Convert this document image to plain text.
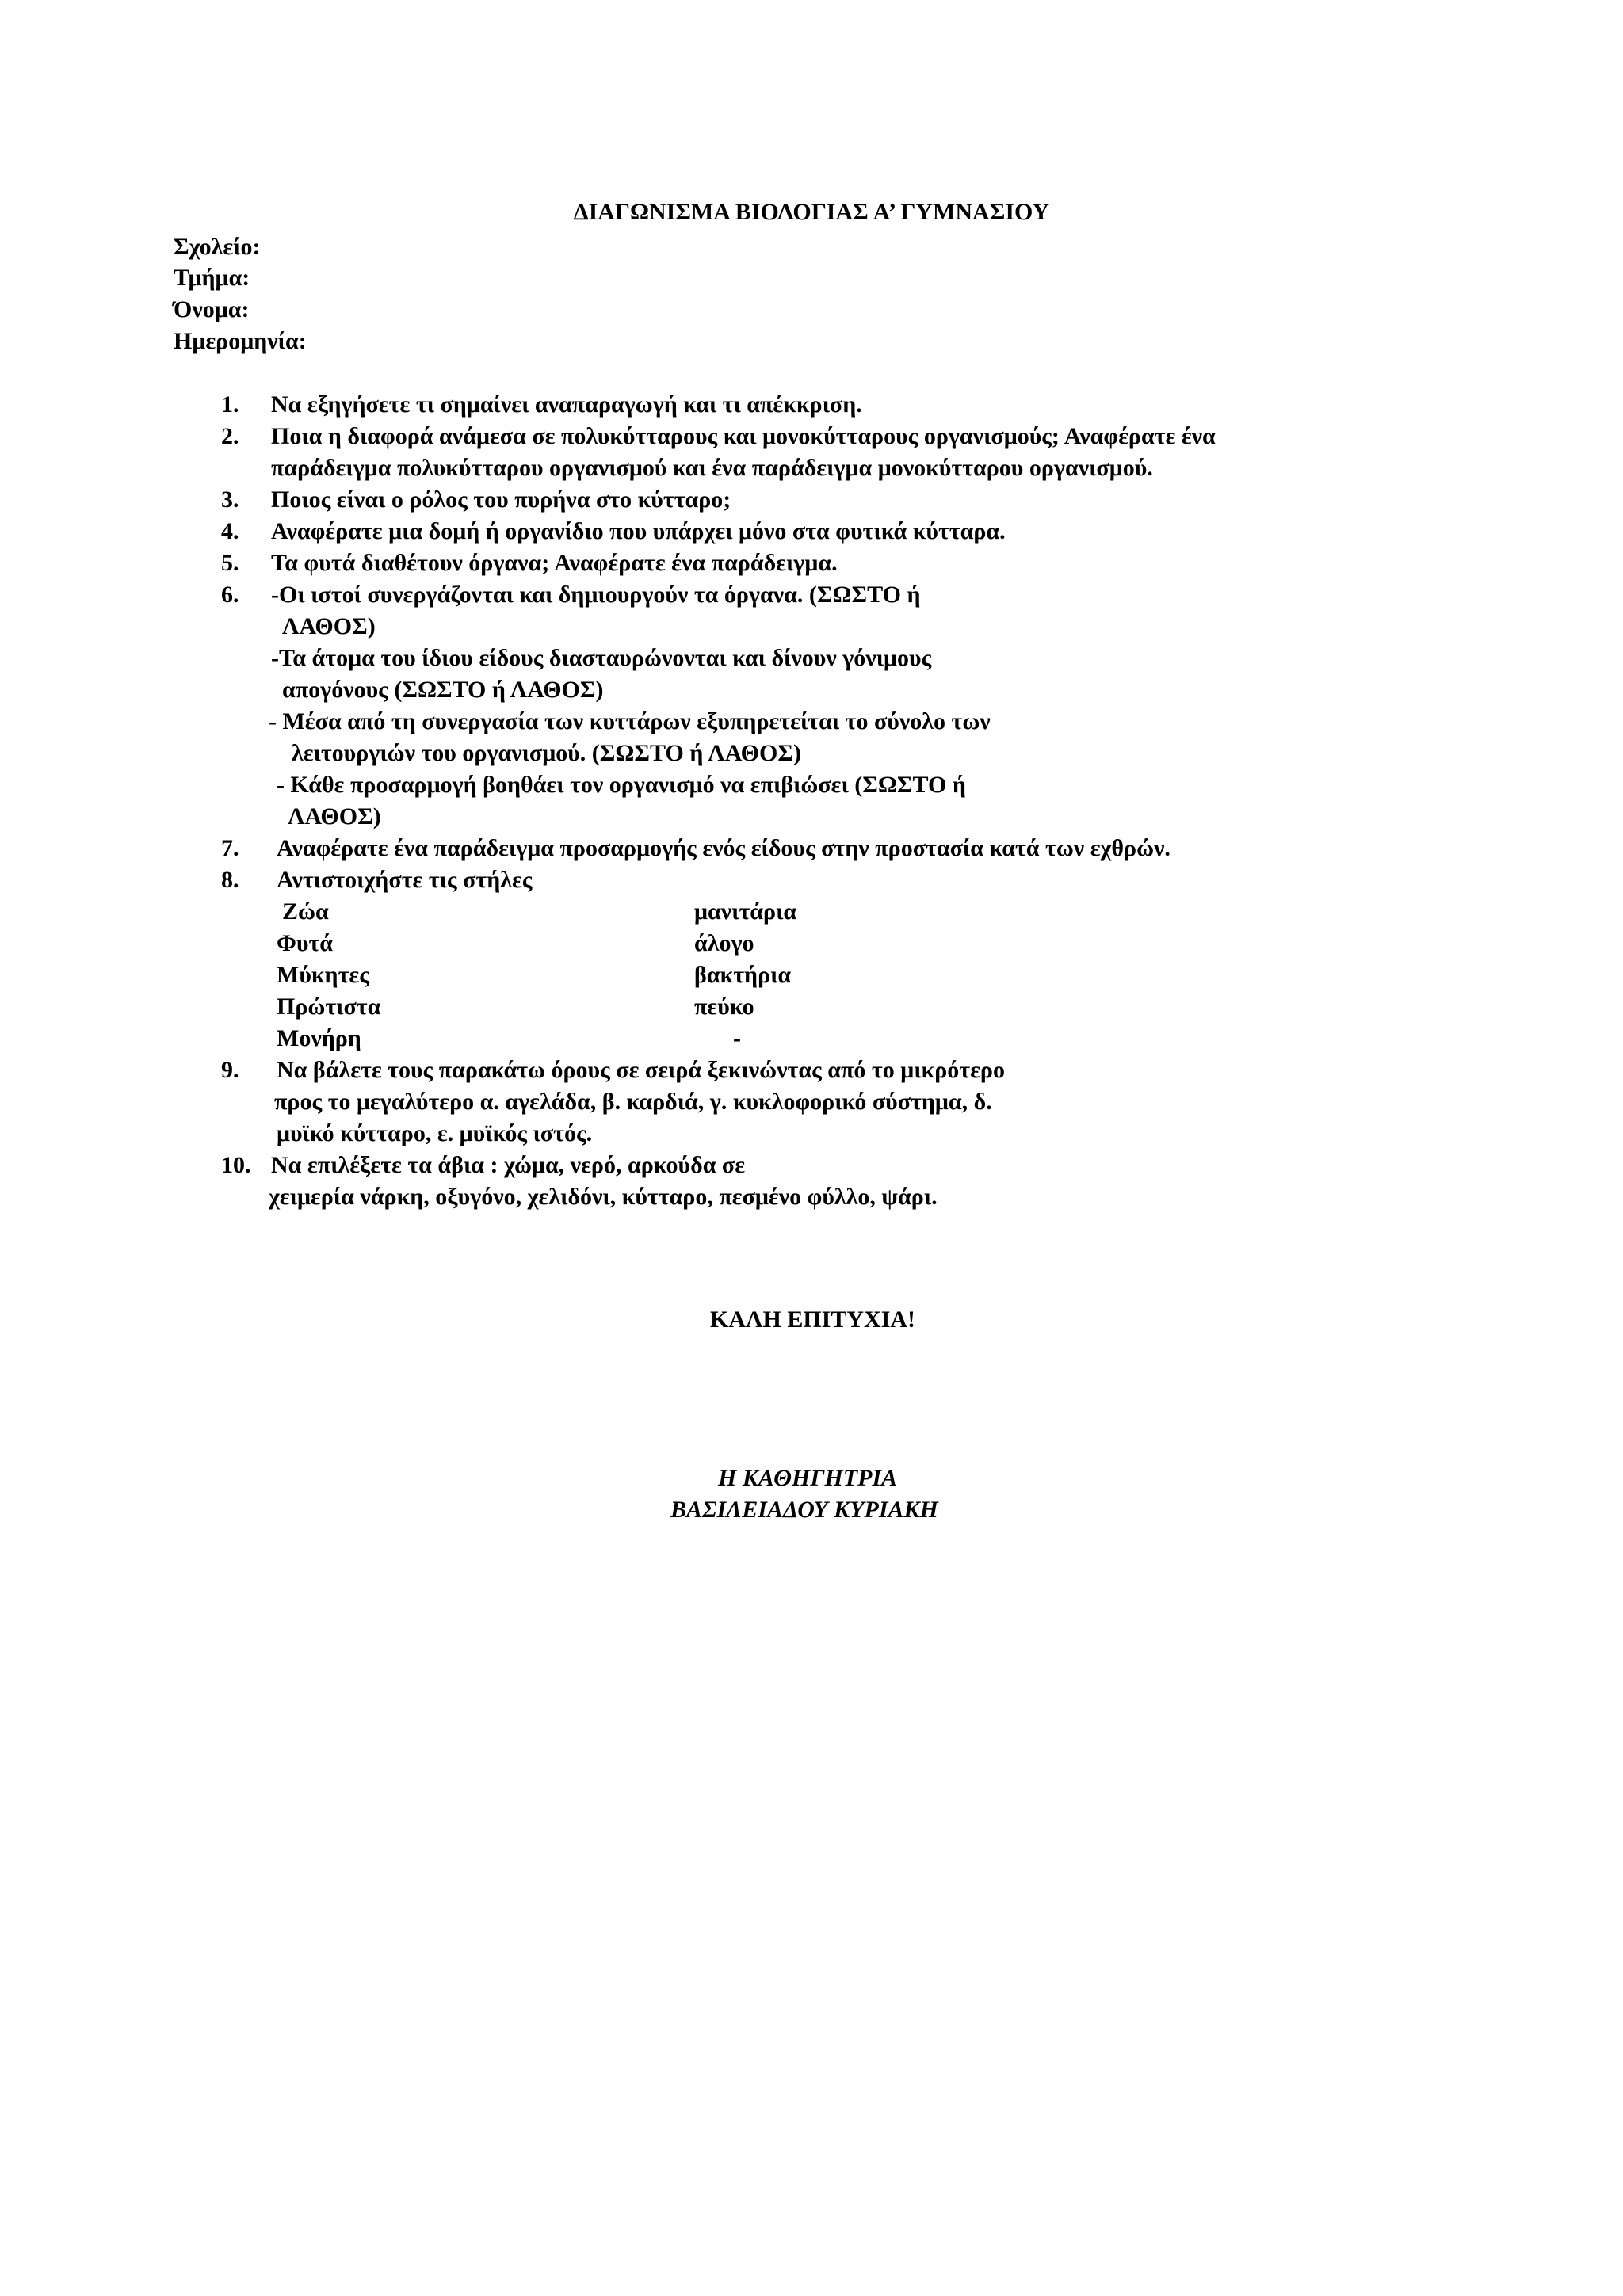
ΔΙΑΓΩΝΙΣΜΑ ΒΙΟΛΟΓΙΑΣ Α’ ΓΥΜΝΑΣΙΟΥ
Σχολείο:
Τμήμα:
Όνομα:
Ημερομηνία:
1. Να εξηγήσετε τι σημαίνει αναπαραγωγή και τι απέκκριση.
2. Ποια η διαφορά ανάμεσα σε πολυκύτταρους και μονοκύτταρους οργανισμούς; Αναφέρατε ένα
παράδειγμα πολυκύτταρου οργανισμού και ένα παράδειγμα μονοκύτταρου οργανισμού.
3. Ποιος είναι ο ρόλος του πυρήνα στο κύτταρο;
4. Αναφέρατε μια δομή ή οργανίδιο που υπάρχει μόνο στα φυτικά κύτταρα.
5. Τα φυτά διαθέτουν όργανα; Αναφέρατε ένα παράδειγμα.
6. -Οι ιστοί συνεργάζονται και δημιουργούν τα όργανα. (ΣΩΣΤΟ ή
ΛΑΘΟΣ)
-Τα άτομα του ίδιου είδους διασταυρώνονται και δίνουν γόνιμους
απογόνους (ΣΩΣΤΟ ή ΛΑΘΟΣ)
- Μέσα από τη συνεργασία των κυττάρων εξυπηρετείται το σύνολο των
λειτουργιών του οργανισμού. (ΣΩΣΤΟ ή ΛΑΘΟΣ)
- Κάθε προσαρμογή βοηθάει τον οργανισμό να επιβιώσει (ΣΩΣΤΟ ή
ΛΑΘΟΣ)
7. Αναφέρατε ένα παράδειγμα προσαρμογής ενός είδους στην προστασία κατά των εχθρών.
8. Αντιστοιχήστε τις στήλες
Ζώα
Φυτά
Μύκητες
Πρώτιστα
Μονήρη
μανιτάρια
άλογο
βακτήρια
πεύκο
-
9. Να βάλετε τους παρακάτω όρους σε σειρά ξεκινώντας από το μικρότερο
προς το μεγαλύτερο α. αγελάδα, β. καρδιά, γ. κυκλοφορικό σύστημα, δ.
μυϊκό κύτταρο, ε. μυϊκός ιστός.
10. Να επιλέξετε τα άβια : χώμα, νερό, αρκούδα σε
χειμερία νάρκη, οξυγόνο, χελιδόνι, κύτταρο, πεσμένο φύλλο, ψάρι.
ΚΑΛΗ ΕΠΙΤΥΧΙΑ!
Η ΚΑΘΗΓΗΤΡΙΑ
ΒΑΣΙΛΕΙΑΔΟΥ ΚΥΡΙΑΚΗ
